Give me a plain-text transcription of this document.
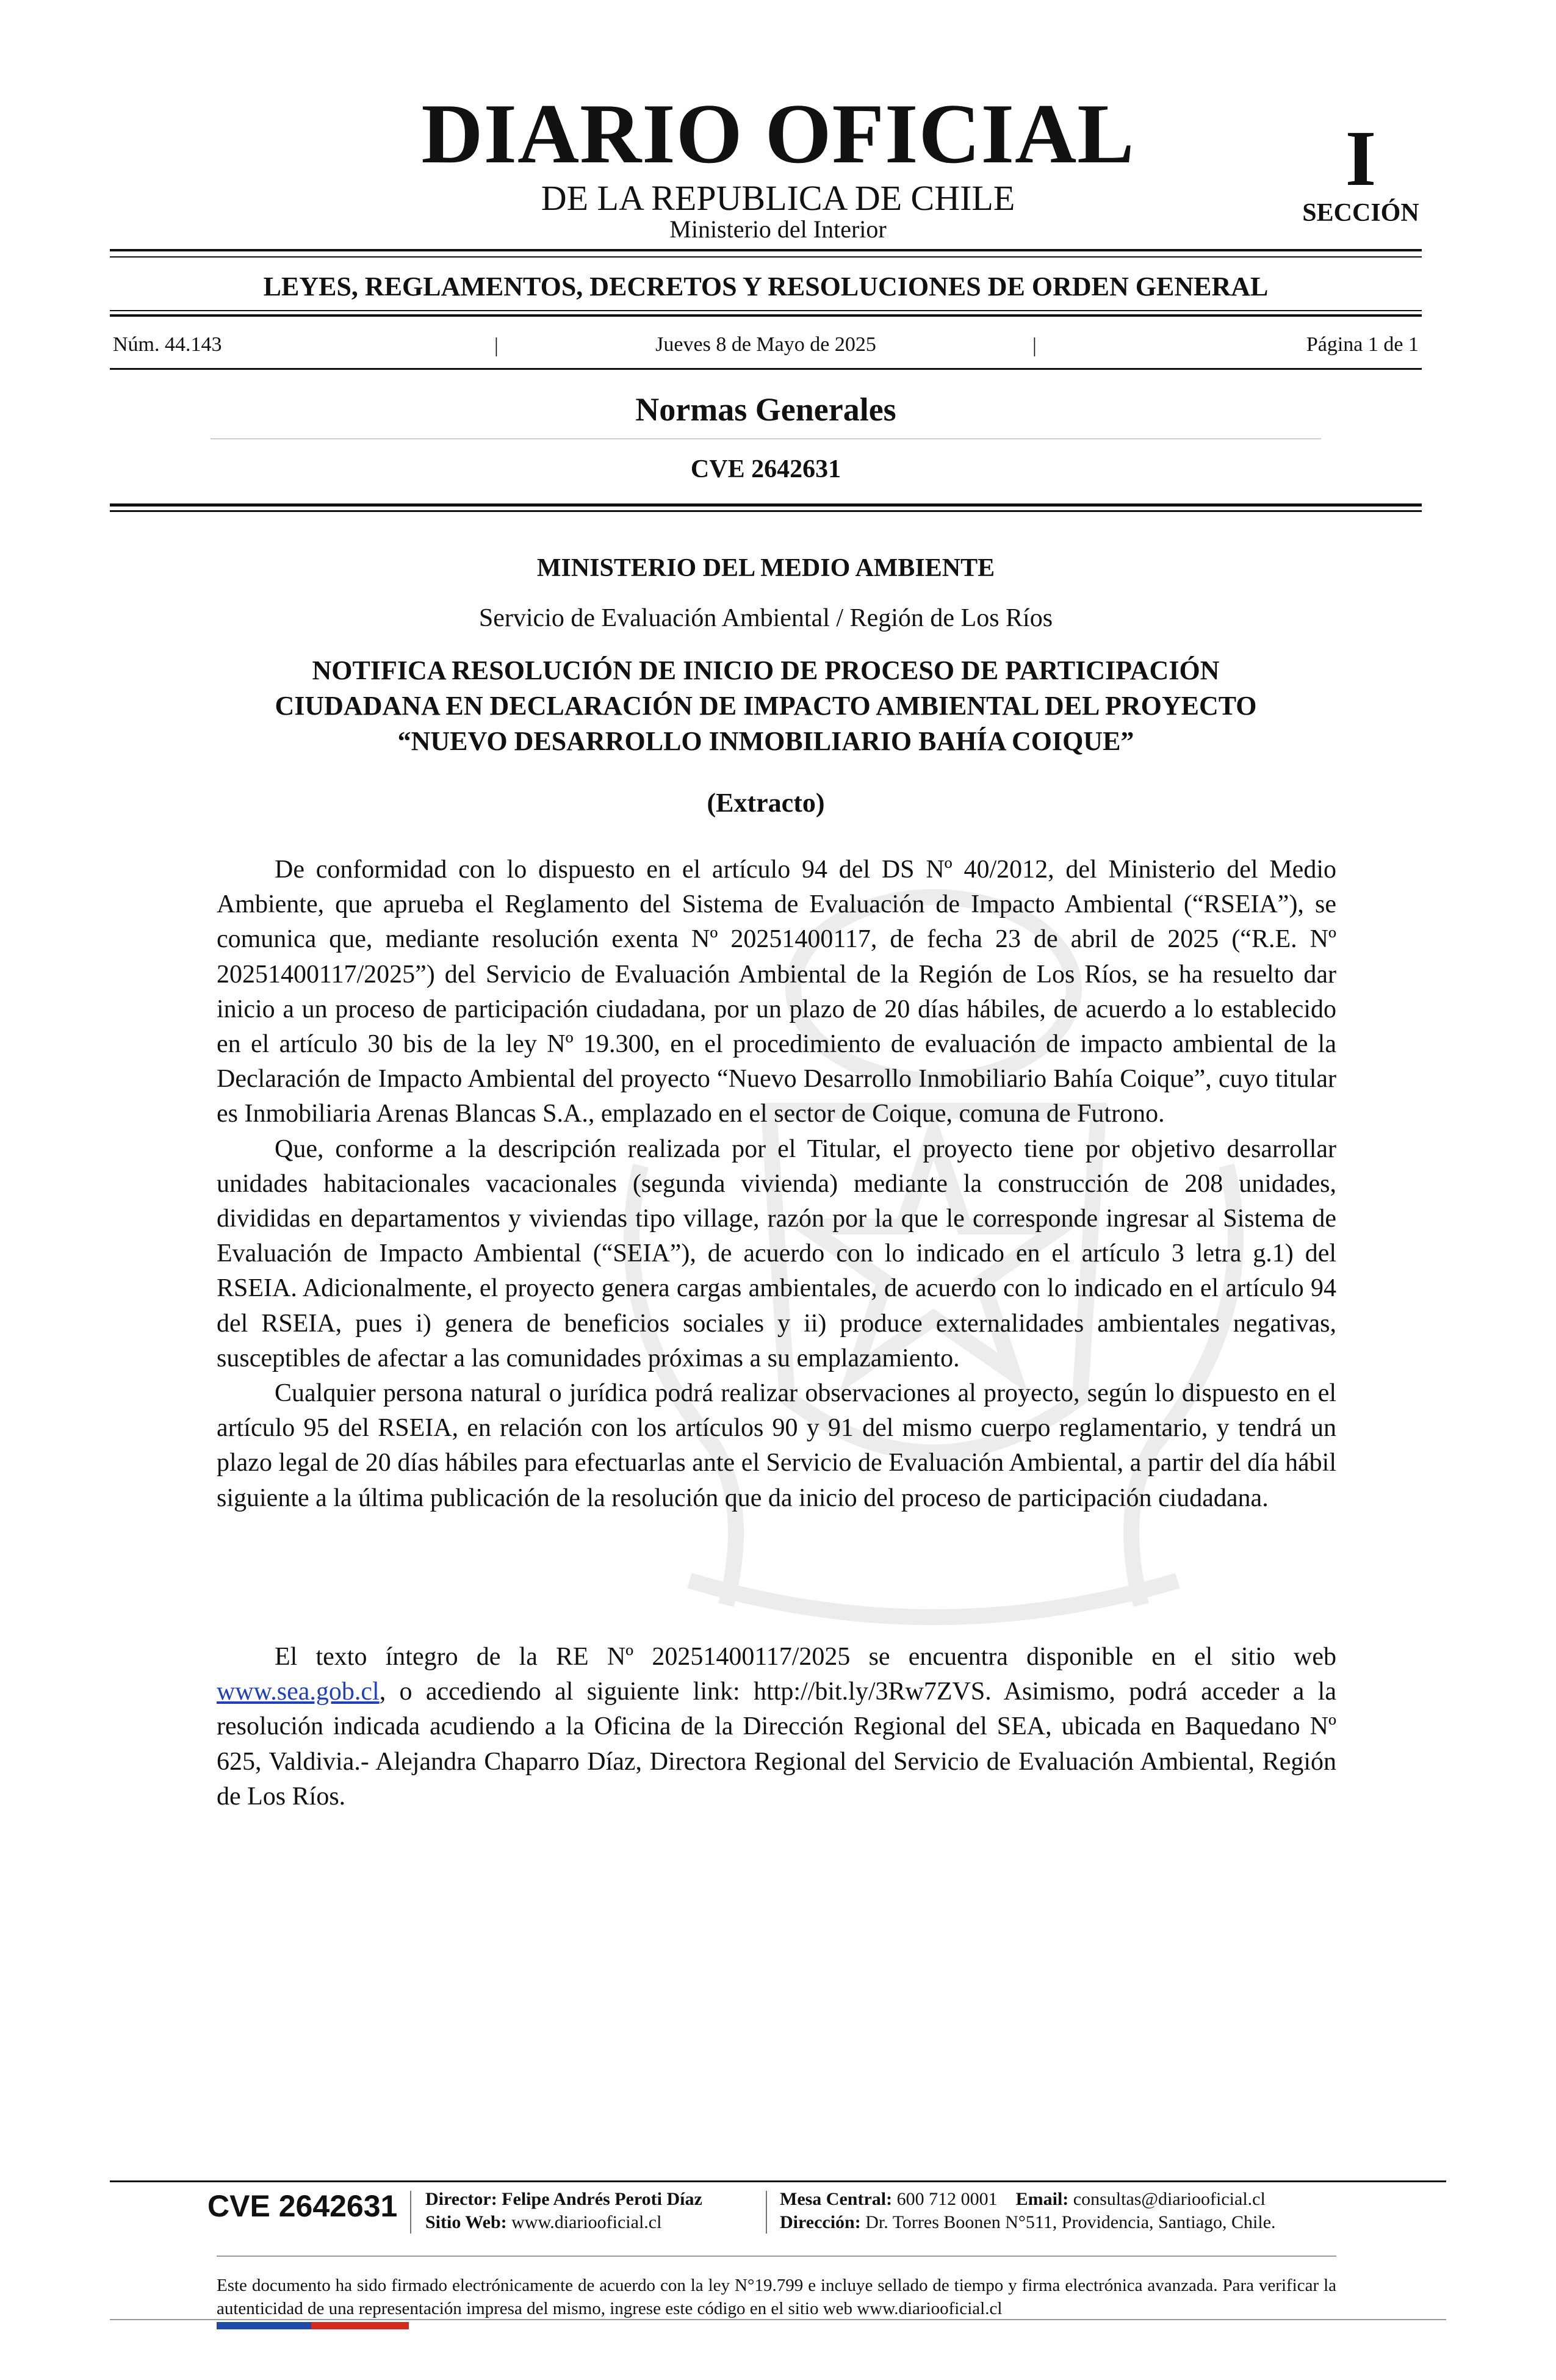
DIARIO OFICIAL
DE LA REPUBLICA DE CHILE
Ministerio del Interior
I
SECCIÓN
LEYES, REGLAMENTOS, DECRETOS Y RESOLUCIONES DE ORDEN GENERAL
Núm. 44.143	|	Jueves 8 de Mayo de 2025	|	Página 1 de 1
Normas Generales
CVE 2642631
MINISTERIO DEL MEDIO AMBIENTE
Servicio de Evaluación Ambiental / Región de Los Ríos
NOTIFICA RESOLUCIÓN DE INICIO DE PROCESO DE PARTICIPACIÓN
CIUDADANA EN DECLARACIÓN DE IMPACTO AMBIENTAL DEL PROYECTO
“NUEVO DESARROLLO INMOBILIARIO BAHÍA COIQUE”
(Extracto)

De conformidad con lo dispuesto en el artículo 94 del DS Nº 40/2012, del Ministerio del Medio Ambiente, que aprueba el Reglamento del Sistema de Evaluación de Impacto Ambiental (“RSEIA”), se comunica que, mediante resolución exenta Nº 20251400117, de fecha 23 de abril de 2025 (“R.E. Nº 20251400117/2025”) del Servicio de Evaluación Ambiental de la Región de Los Ríos, se ha resuelto dar inicio a un proceso de participación ciudadana, por un plazo de 20 días hábiles, de acuerdo a lo establecido en el artículo 30 bis de la ley Nº 19.300, en el procedimiento de evaluación de impacto ambiental de la Declaración de Impacto Ambiental del proyecto “Nuevo Desarrollo Inmobiliario Bahía Coique”, cuyo titular es Inmobiliaria Arenas Blancas S.A., emplazado en el sector de Coique, comuna de Futrono.

Que, conforme a la descripción realizada por el Titular, el proyecto tiene por objetivo desarrollar unidades habitacionales vacacionales (segunda vivienda) mediante la construcción de 208 unidades, divididas en departamentos y viviendas tipo village, razón por la que le corresponde ingresar al Sistema de Evaluación de Impacto Ambiental (“SEIA”), de acuerdo con lo indicado en el artículo 3 letra g.1) del RSEIA. Adicionalmente, el proyecto genera cargas ambientales, de acuerdo con lo indicado en el artículo 94 del RSEIA, pues i) genera de beneficios sociales y ii) produce externalidades ambientales negativas, susceptibles de afectar a las comunidades próximas a su emplazamiento.

Cualquier persona natural o jurídica podrá realizar observaciones al proyecto, según lo dispuesto en el artículo 95 del RSEIA, en relación con los artículos 90 y 91 del mismo cuerpo reglamentario, y tendrá un plazo legal de 20 días hábiles para efectuarlas ante el Servicio de Evaluación Ambiental, a partir del día hábil siguiente a la última publicación de la resolución que da inicio del proceso de participación ciudadana.

El texto íntegro de la RE Nº 20251400117/2025 se encuentra disponible en el sitio web www.sea.gob.cl, o accediendo al siguiente link: http://bit.ly/3Rw7ZVS. Asimismo, podrá acceder a la resolución indicada acudiendo a la Oficina de la Dirección Regional del SEA, ubicada en Baquedano Nº 625, Valdivia.- Alejandra Chaparro Díaz, Directora Regional del Servicio de Evaluación Ambiental, Región de Los Ríos.

CVE 2642631 Director: Felipe Andrés Peroti Díaz
Sitio Web: www.diariooficial.cl
Mesa Central: 600 712 0001 Email: consultas@diariooficial.cl
Dirección: Dr. Torres Boonen N°511, Providencia, Santiago, Chile.
Este documento ha sido firmado electrónicamente de acuerdo con la ley N°19.799 e incluye sellado de tiempo y firma electrónica avanzada. Para verificar la autenticidad de una representación impresa del mismo, ingrese este código en el sitio web www.diariooficial.cl
